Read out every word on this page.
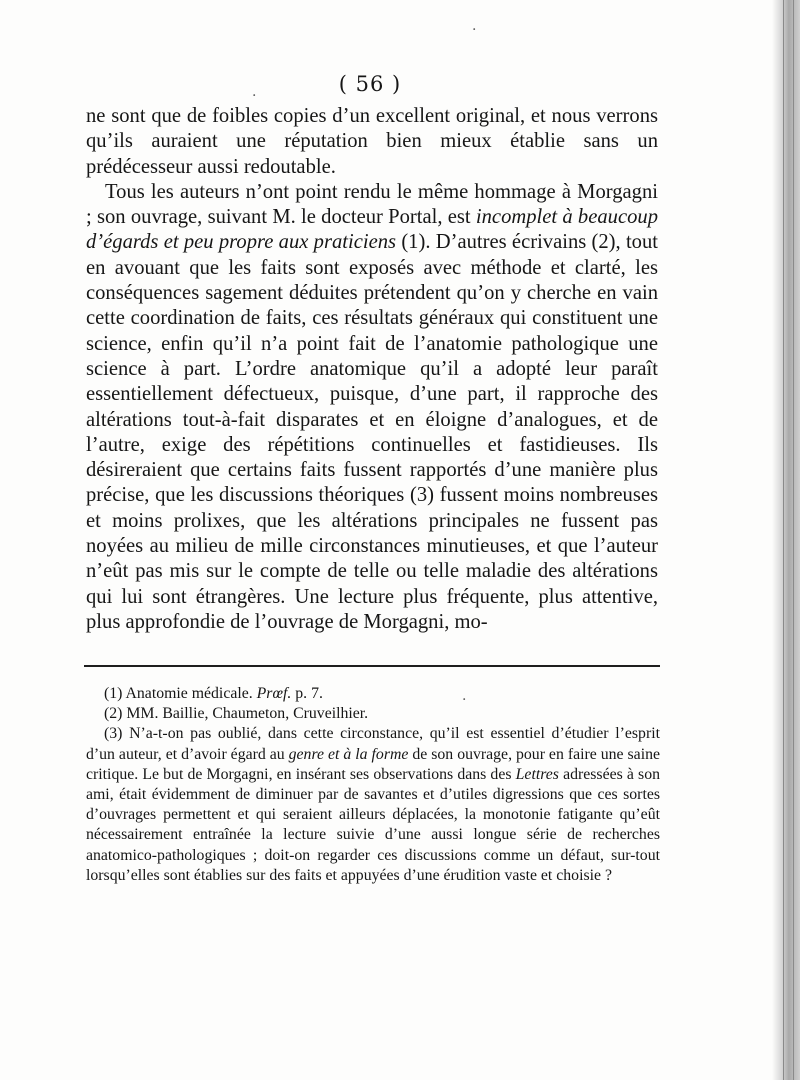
( 56 )

ne sont que de foibles copies d’un excellent original, et nous verrons qu’ils auraient une réputation bien mieux établie sans un prédécesseur aussi redoutable.

Tous les auteurs n’ont point rendu le même hommage à Morgagni ; son ouvrage, suivant M. le docteur Portal, est incomplet à beaucoup d’égards et peu propre aux praticiens (1). D’autres écrivains (2), tout en avouant que les faits sont exposés avec méthode et clarté, les conséquences sagement déduites prétendent qu’on y cherche en vain cette coordination de faits, ces résultats généraux qui constituent une science, enfin qu’il n’a point fait de l’anatomie pathologique une science à part. L’ordre anatomique qu’il a adopté leur paraît essentiellement défectueux, puisque, d’une part, il rapproche des altérations tout-à-fait disparates et en éloigne d’analogues, et de l’autre, exige des répétitions continuelles et fastidieuses. Ils désireraient que certains faits fussent rapportés d’une manière plus précise, que les discussions théoriques (3) fussent moins nombreuses et moins prolixes, que les altérations principales ne fussent pas noyées au milieu de mille circonstances minutieuses, et que l’auteur n’eût pas mis sur le compte de telle ou telle maladie des altérations qui lui sont étrangères. Une lecture plus fréquente, plus attentive, plus approfondie de l’ouvrage de Morgagni, mo-

(1) Anatomie médicale. Prœf. p. 7.

(2) MM. Baillie, Chaumeton, Cruveilhier.

(3) N’a-t-on pas oublié, dans cette circonstance, qu’il est essentiel d’étudier l’esprit d’un auteur, et d’avoir égard au genre et à la forme de son ouvrage, pour en faire une saine critique. Le but de Morgagni, en insérant ses observations dans des Lettres adressées à son ami, était évidemment de diminuer par de savantes et d’utiles digressions que ces sortes d’ouvrages permettent et qui seraient ailleurs déplacées, la monotonie fatigante qu’eût nécessairement entraînée la lecture suivie d’une aussi longue série de recherches anatomico-pathologiques ; doit-on regarder ces discussions comme un défaut, sur-tout lorsqu’elles sont établies sur des faits et appuyées d’une érudition vaste et choisie ?

·
·
·
